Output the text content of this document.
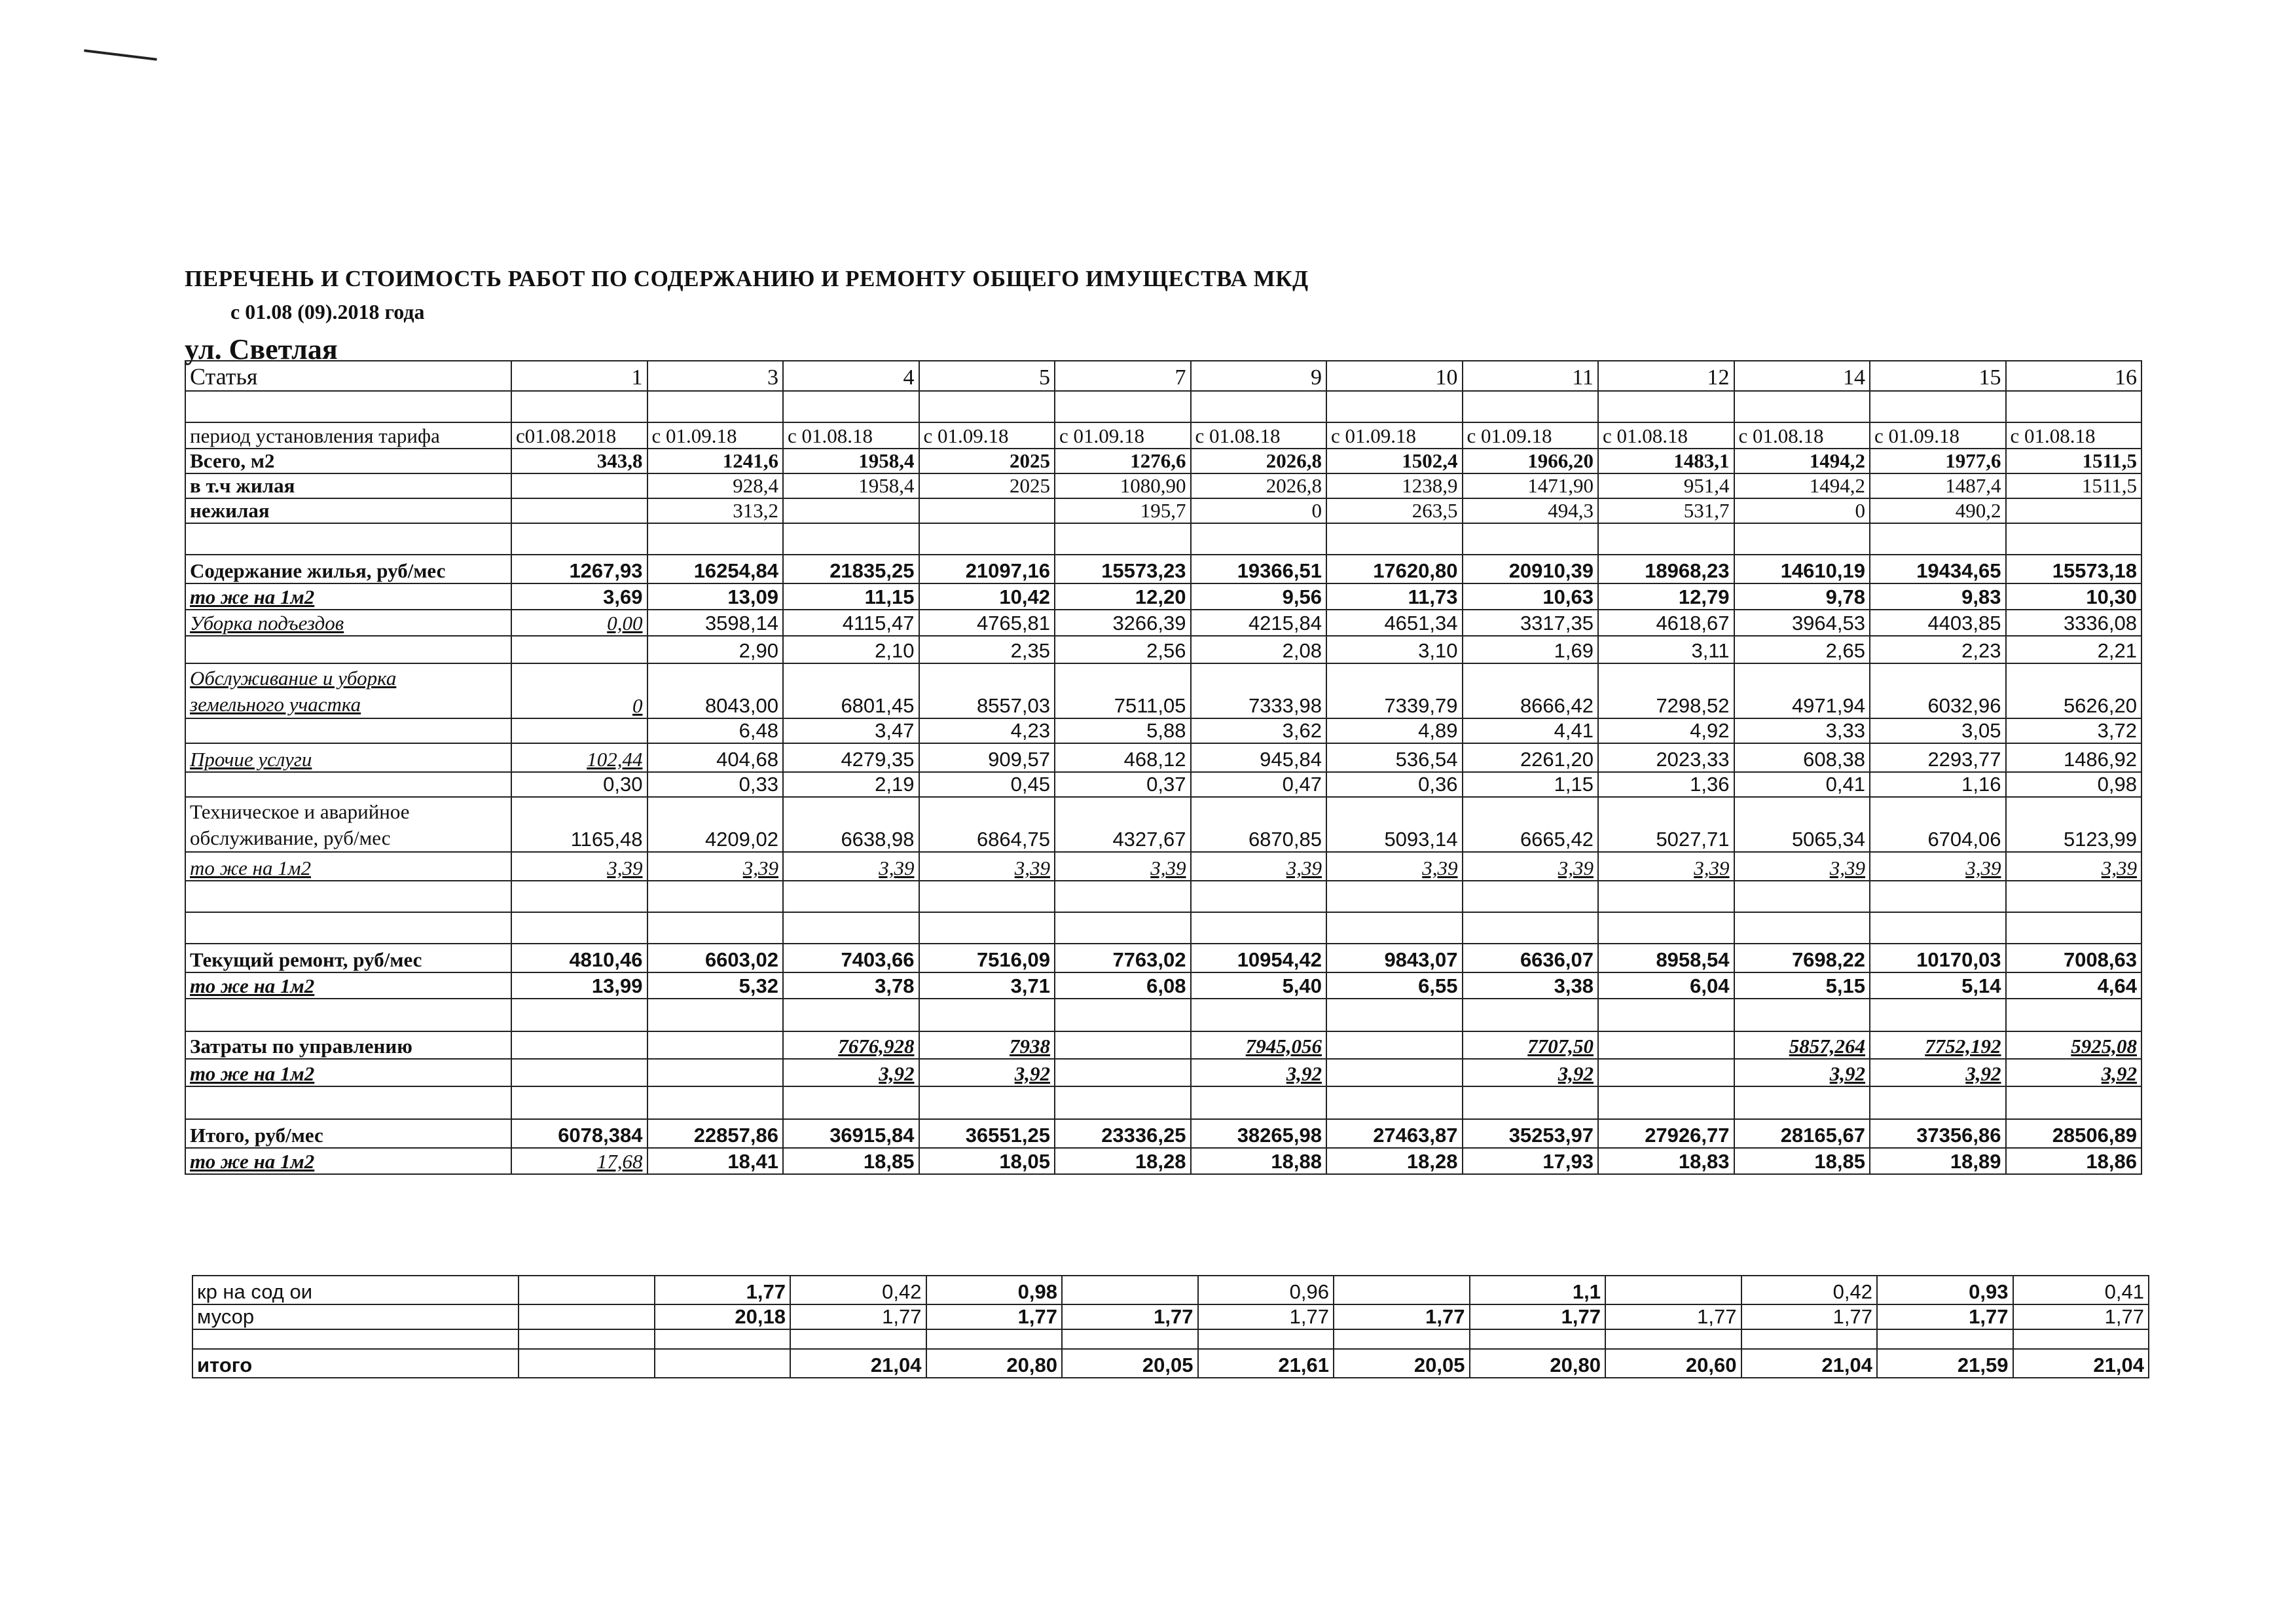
ПЕРЕЧЕНЬ И СТОИМОСТЬ РАБОТ ПО СОДЕРЖАНИЮ И РЕМОНТУ ОБЩЕГО ИМУЩЕСТВА МКД
с 01.08 (09).2018 года
ул. Светлая
Статья	1	3	4	5	7	9	10	11	12	14	15	16

период установления тарифа	с01.08.2018	с 01.09.18	с 01.08.18	с 01.09.18	с 01.09.18	с 01.08.18	с 01.09.18	с 01.09.18	с 01.08.18	с 01.08.18	с 01.09.18	с 01.08.18
Всего, м2	343,8	1241,6	1958,4	2025	1276,6	2026,8	1502,4	1966,20	1483,1	1494,2	1977,6	1511,5
в т.ч жилая		928,4	1958,4	2025	1080,90	2026,8	1238,9	1471,90	951,4	1494,2	1487,4	1511,5
нежилая		313,2			195,7	0	263,5	494,3	531,7	0	490,2	

Содержание жилья, руб/мес	1267,93	16254,84	21835,25	21097,16	15573,23	19366,51	17620,80	20910,39	18968,23	14610,19	19434,65	15573,18
то же на 1м2	3,69	13,09	11,15	10,42	12,20	9,56	11,73	10,63	12,79	9,78	9,83	10,30
Уборка подъездов	0,00	3598,14	4115,47	4765,81	3266,39	4215,84	4651,34	3317,35	4618,67	3964,53	4403,85	3336,08
		2,90	2,10	2,35	2,56	2,08	3,10	1,69	3,11	2,65	2,23	2,21

Обслуживание и уборка
земельного участка	0	8043,00	6801,45	8557,03	7511,05	7333,98	7339,79	8666,42	7298,52	4971,94	6032,96	5626,20
		6,48	3,47	4,23	5,88	3,62	4,89	4,41	4,92	3,33	3,05	3,72
Прочие услуги	102,44	404,68	4279,35	909,57	468,12	945,84	536,54	2261,20	2023,33	608,38	2293,77	1486,92
	0,30	0,33	2,19	0,45	0,37	0,47	0,36	1,15	1,36	0,41	1,16	0,98

Техническое и аварийное
обслуживание, руб/мес	1165,48	4209,02	6638,98	6864,75	4327,67	6870,85	5093,14	6665,42	5027,71	5065,34	6704,06	5123,99
то же на 1м2	3,39	3,39	3,39	3,39	3,39	3,39	3,39	3,39	3,39	3,39	3,39	3,39

Текущий ремонт, руб/мес	4810,46	6603,02	7403,66	7516,09	7763,02	10954,42	9843,07	6636,07	8958,54	7698,22	10170,03	7008,63
то же на 1м2	13,99	5,32	3,78	3,71	6,08	5,40	6,55	3,38	6,04	5,15	5,14	4,64

Затраты по управлению			7676,928	7938		7945,056		7707,50		5857,264	7752,192	5925,08
то же на 1м2			3,92	3,92		3,92		3,92		3,92	3,92	3,92

Итого, руб/мес	6078,384	22857,86	36915,84	36551,25	23336,25	38265,98	27463,87	35253,97	27926,77	28165,67	37356,86	28506,89
то же на 1м2	17,68	18,41	18,85	18,05	18,28	18,88	18,28	17,93	18,83	18,85	18,89	18,86
кр на сод ои		1,77	0,42	0,98		0,96		1,1		0,42	0,93	0,41
мусор		20,18	1,77	1,77	1,77	1,77	1,77	1,77	1,77	1,77	1,77	1,77

итого			21,04	20,80	20,05	21,61	20,05	20,80	20,60	21,04	21,59	21,04
